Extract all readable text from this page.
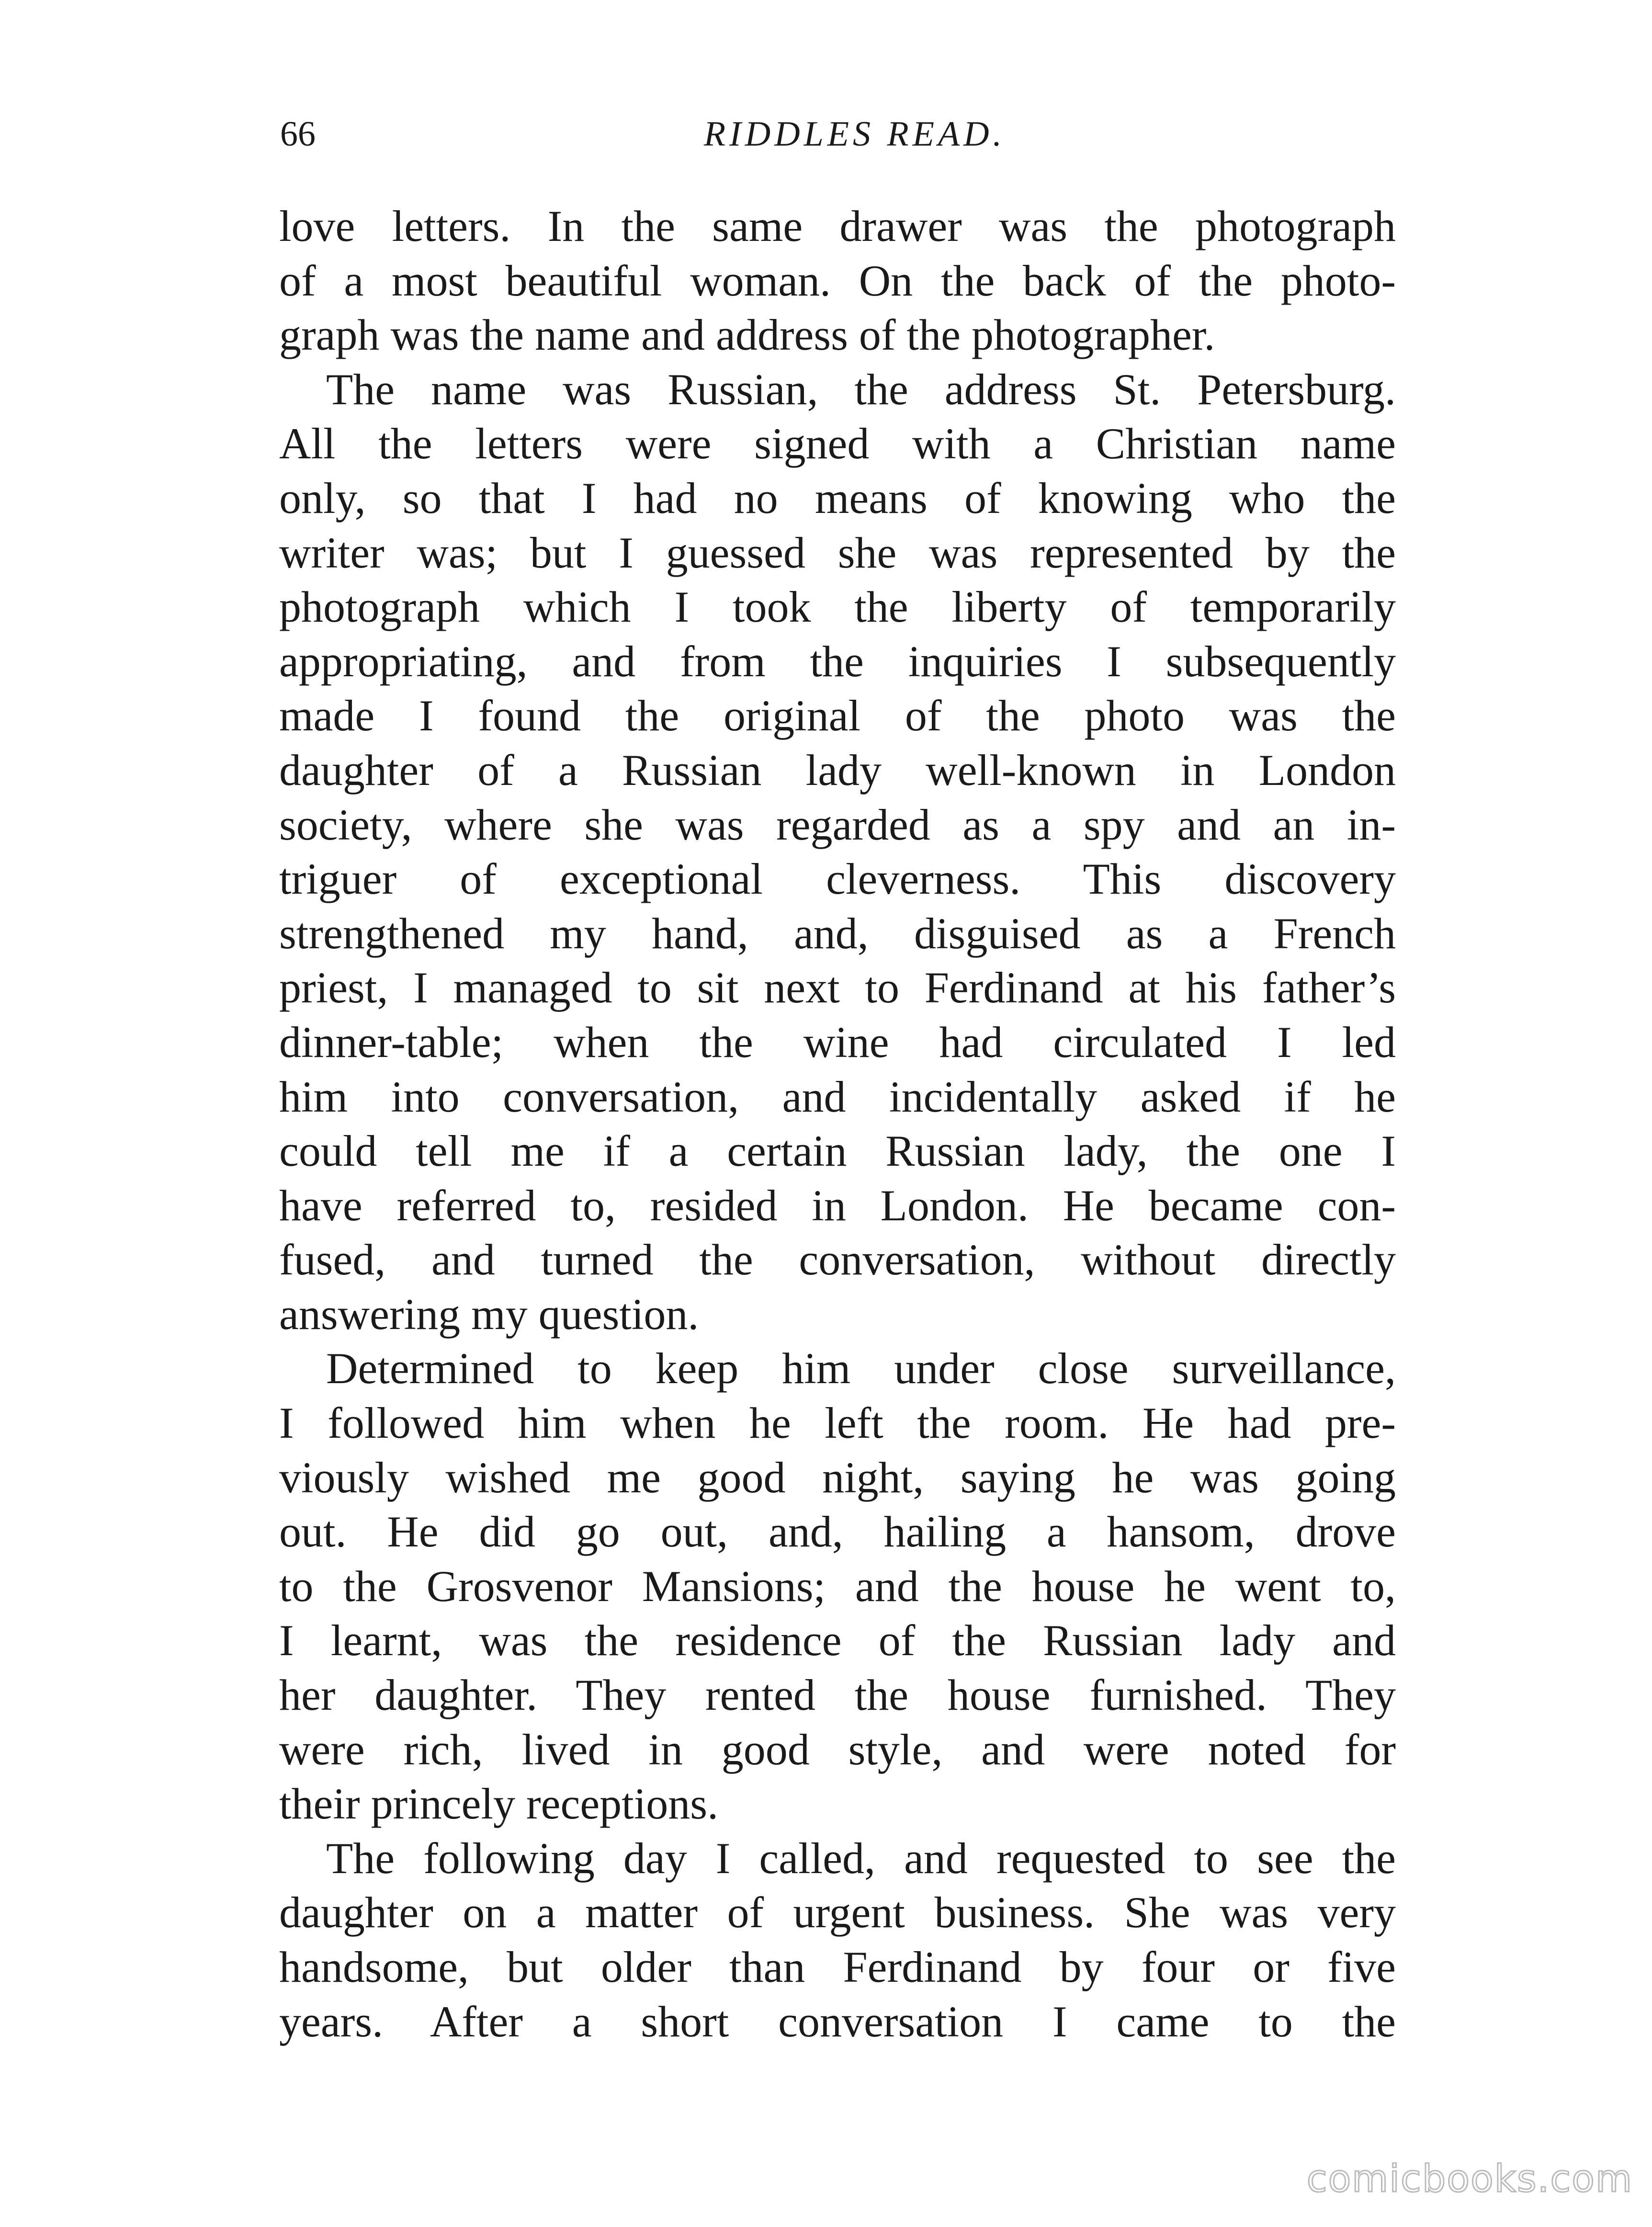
66	RIDDLES READ.
love letters. In the same drawer was the photograph
of a most beautiful woman. On the back of the photo-
graph was the name and address of the photographer.
The name was Russian, the address St. Petersburg.
All the letters were signed with a Christian name
only, so that I had no means of knowing who the
writer was; but I guessed she was represented by the
photograph which I took the liberty of temporarily
appropriating, and from the inquiries I subsequently
made I found the original of the photo was the
daughter of a Russian lady well-known in London
society, where she was regarded as a spy and an in-
triguer of exceptional cleverness. This discovery
strengthened my hand, and, disguised as a French
priest, I managed to sit next to Ferdinand at his father’s
dinner-table; when the wine had circulated I led
him into conversation, and incidentally asked if he
could tell me if a certain Russian lady, the one I
have referred to, resided in London. He became con-
fused, and turned the conversation, without directly
answering my question.
Determined to keep him under close surveillance,
I followed him when he left the room. He had pre-
viously wished me good night, saying he was going
out. He did go out, and, hailing a hansom, drove
to the Grosvenor Mansions; and the house he went to,
I learnt, was the residence of the Russian lady and
her daughter. They rented the house furnished. They
were rich, lived in good style, and were noted for
their princely receptions.
The following day I called, and requested to see the
daughter on a matter of urgent business. She was very
handsome, but older than Ferdinand by four or five
years. After a short conversation I came to the
comicbooks.com
